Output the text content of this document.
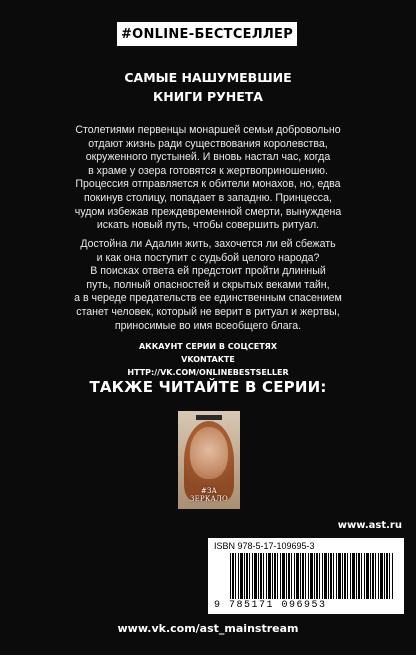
#ONLINE-БЕСТСЕЛЛЕР
САМЫЕ НАШУМЕВШИЕ
КНИГИ РУНЕТА
Столетиями первенцы монаршей семьи добровольно
отдают жизнь ради существования королевства,
окруженного пустыней. И вновь настал час, когда
в храме у озера готовятся к жертвоприношению.
Процессия отправляется к обители монахов, но, едва
покинув столицу, попадает в западню. Принцесса,
чудом избежав преждевременной смерти, вынуждена
искать новый путь, чтобы совершить ритуал.
Достойна ли Адалин жить, захочется ли ей сбежать
и как она поступит с судьбой целого народа?
В поисках ответа ей предстоит пройти длинный
путь, полный опасностей и скрытых веками тайн,
а в череде предательств ее единственным спасением
станет человек, который не верит в ритуал и жертвы,
приносимые во имя всеобщего блага.
АККАУНТ СЕРИИ В СОЦСЕТЯХ
VKONTAKTE
HTTP://VK.COM/ONLINEBESTSELLER
ТАКЖЕ ЧИТАЙТЕ В СЕРИИ:
#ЗА ЗЕРКАЛО
www.ast.ru
ISBN 978-5-17-109695-3
9 785171 096953
www.vk.com/ast_mainstream
